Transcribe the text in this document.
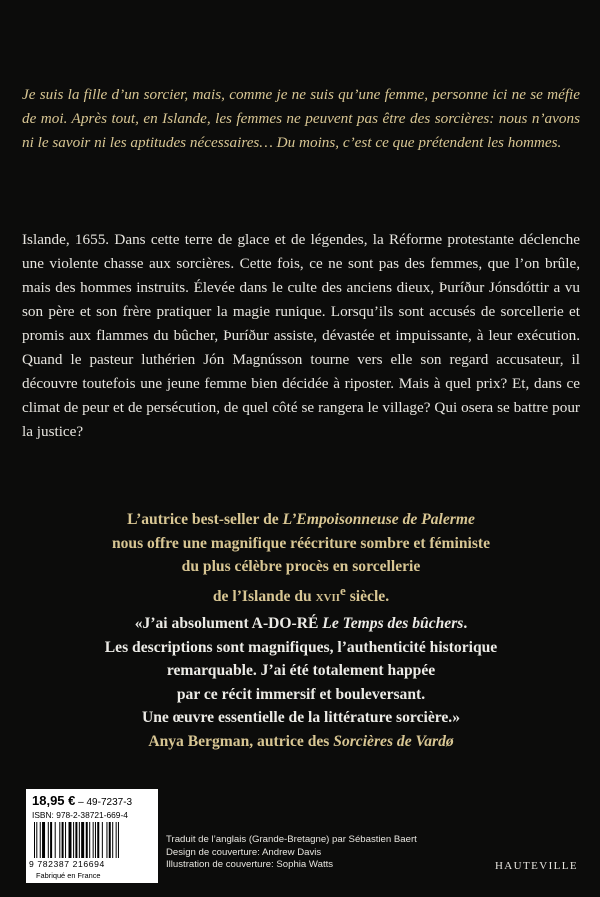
Je suis la fille d’un sorcier, mais, comme je ne suis qu’une femme, personne ici ne se méfie de moi. Après tout, en Islande, les femmes ne peuvent pas être des sorcières: nous n’avons ni le savoir ni les aptitudes nécessaires… Du moins, c’est ce que prétendent les hommes.

Islande, 1655. Dans cette terre de glace et de légendes, la Réforme protestante déclenche une violente chasse aux sorcières. Cette fois, ce ne sont pas des femmes, que l’on brûle, mais des hommes instruits. Élevée dans le culte des anciens dieux, Þuríður Jónsdóttir a vu son père et son frère pratiquer la magie runique. Lorsqu’ils sont accusés de sorcellerie et promis aux flammes du bûcher, Þuríður assiste, dévastée et impuissante, à leur exécution. Quand le pasteur luthérien Jón Magnússon tourne vers elle son regard accusateur, il découvre toutefois une jeune femme bien décidée à riposter. Mais à quel prix? Et, dans ce climat de peur et de persécution, de quel côté se rangera le village? Qui osera se battre pour la justice?

L’autrice best-seller de L’Empoisonneuse de Palerme
nous offre une magnifique réécriture sombre et féministe
du plus célèbre procès en sorcellerie
de l’Islande du xvii$^e$ siècle.
«J’ai absolument A-DO-RÉ Le Temps des bûchers.
Les descriptions sont magnifiques, l’authenticité historique
remarquable. J’ai été totalement happée
par ce récit immersif et bouleversant.
Une œuvre essentielle de la littérature sorcière.»
Anya Bergman, autrice des Sorcières de Vardø
18,95 € – 49-7237-3
ISBN: 978-2-38721-669-4
9 782387 216694
Fabriqué en France
Traduit de l’anglais (Grande-Bretagne) par Sébastien Baert
Design de couverture: Andrew Davis
Illustration de couverture: Sophia Watts	HAUTEVILLE
